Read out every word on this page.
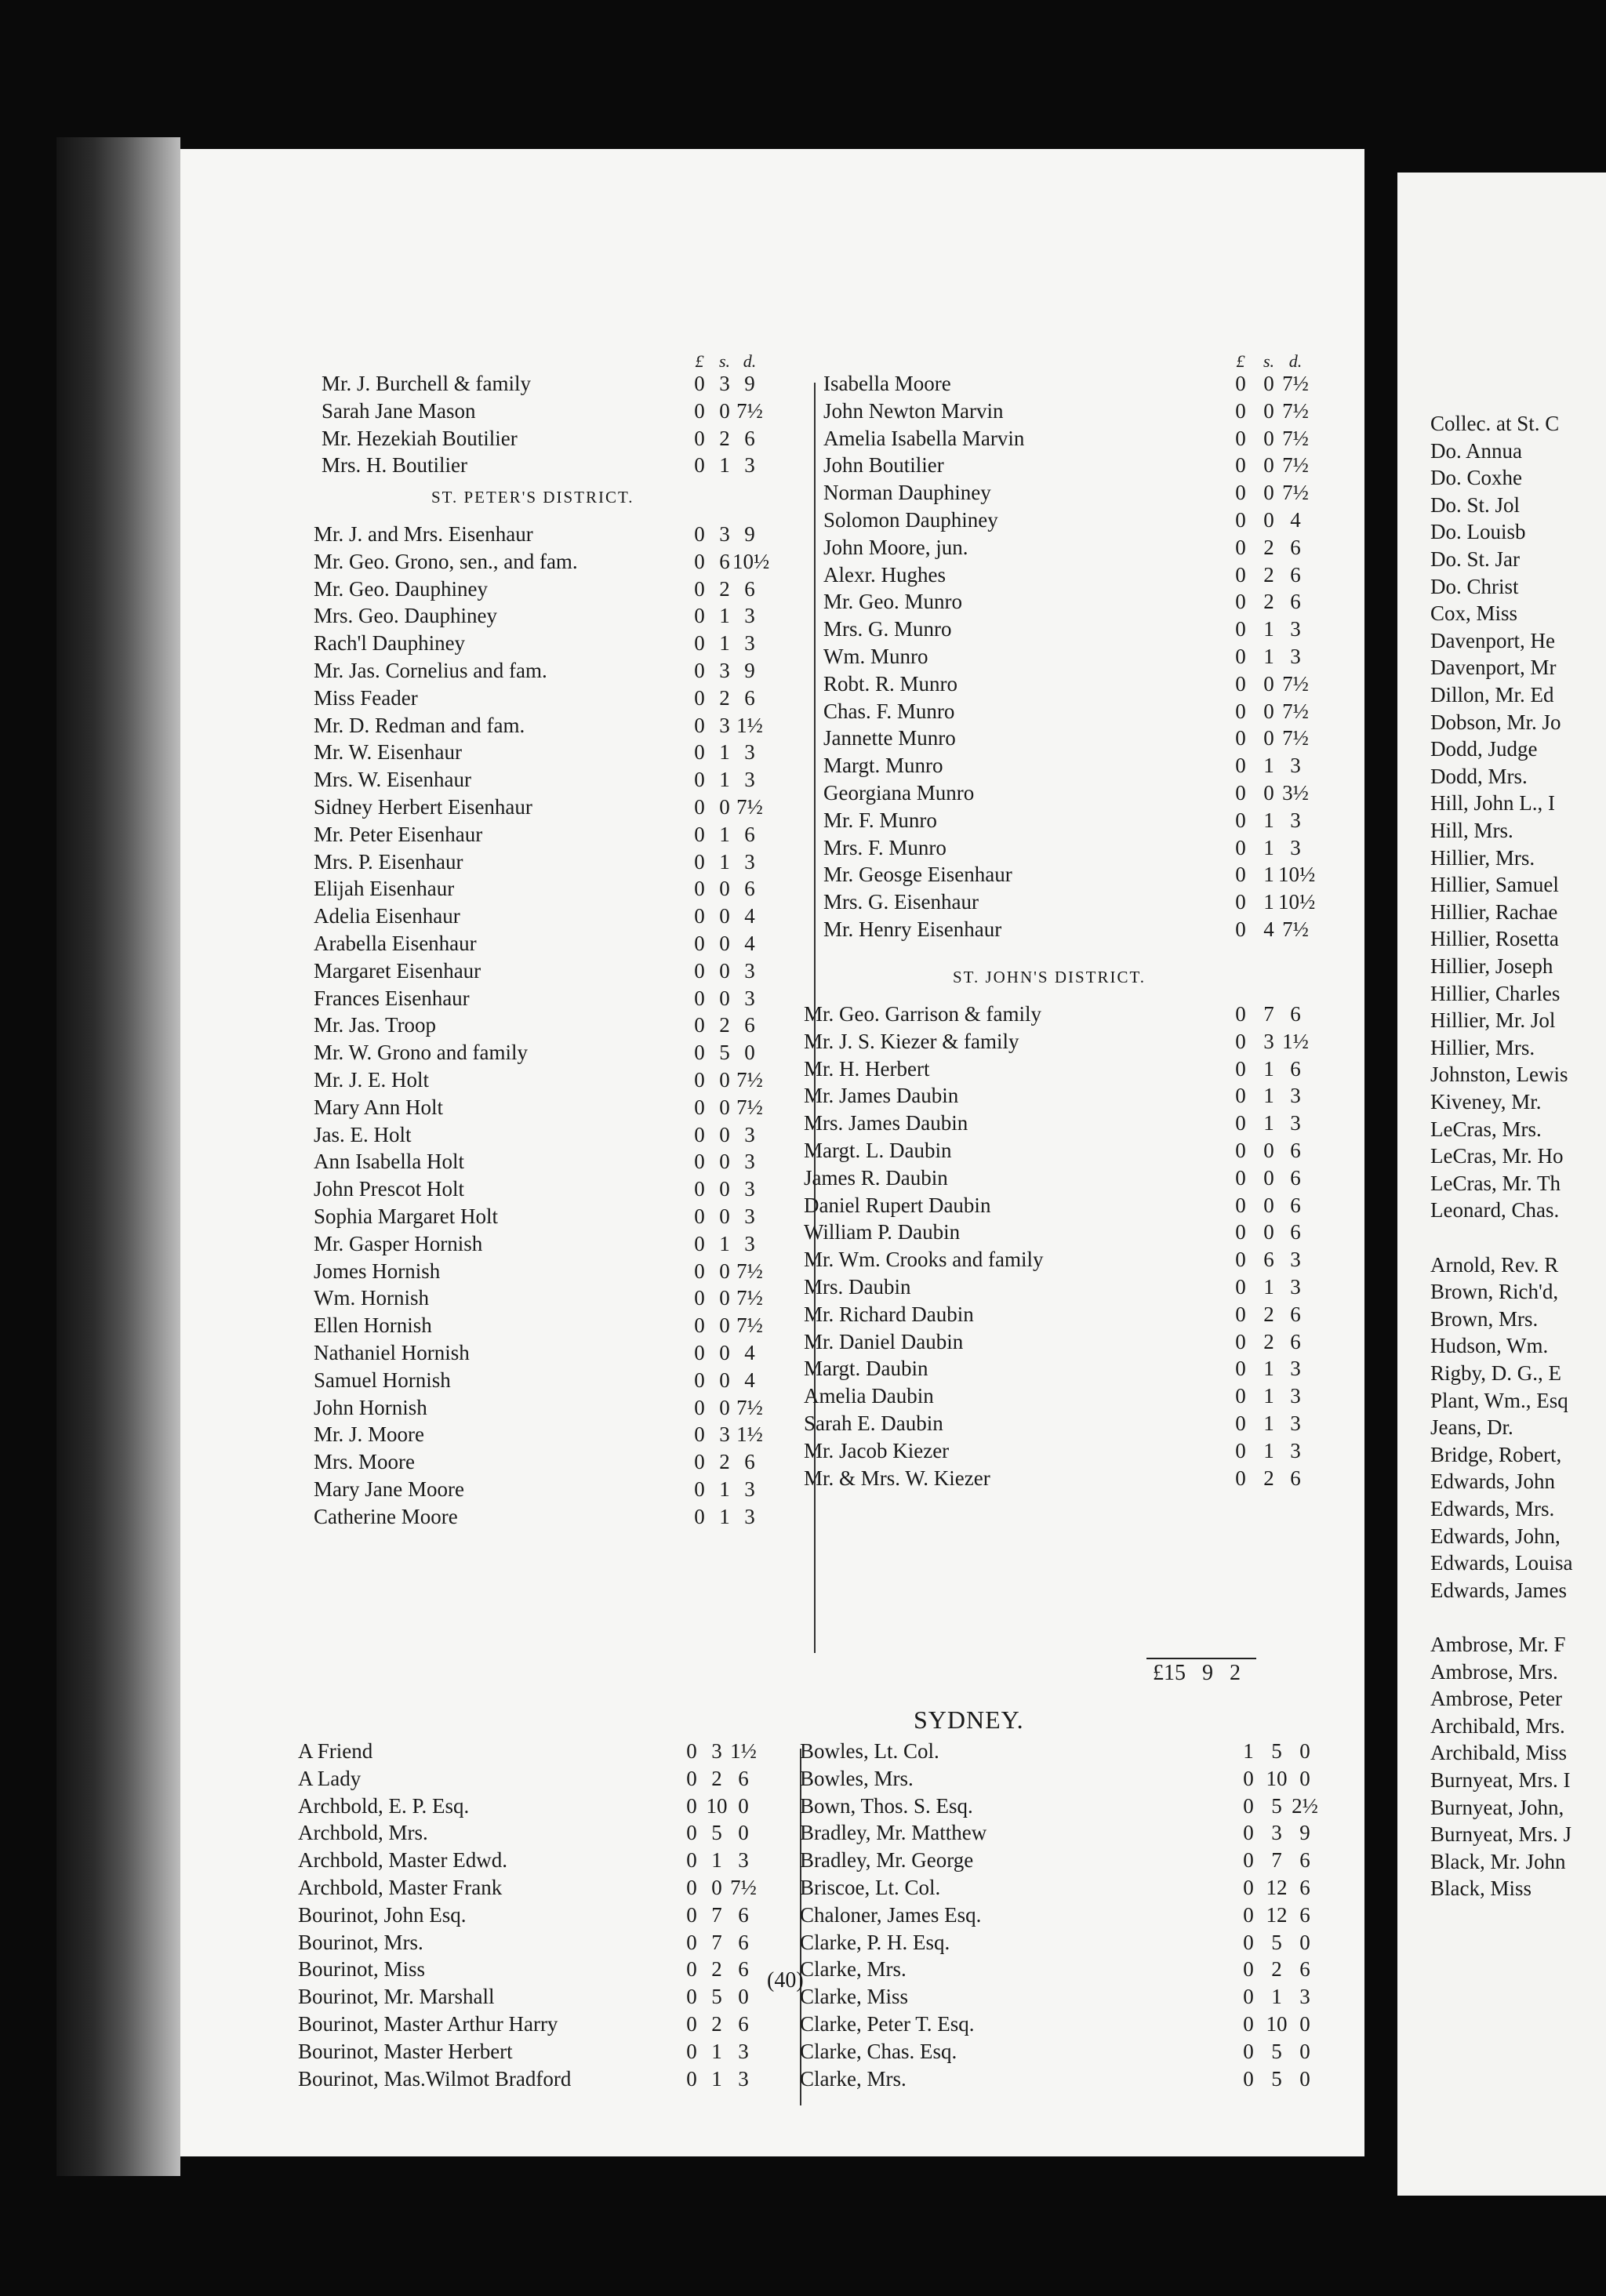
£ s. d.
Mr. J. Burchell & family	0 3 9
Sarah Jane Mason	0 0 7½
Mr. Hezekiah Boutilier	0 2 6
Mrs. H. Boutilier	0 1 3
ST. PETER'S DISTRICT.
Mr. J. and Mrs. Eisenhaur	0 3 9
Mr. Geo. Grono, sen., and fam.	0 6 10½
Mr. Geo. Dauphiney	0 2 6
Mrs. Geo. Dauphiney	0 1 3
Rach'l Dauphiney	0 1 3
Mr. Jas. Cornelius and fam.	0 3 9
Miss Feader	0 2 6
Mr. D. Redman and fam.	0 3 1½
Mr. W. Eisenhaur	0 1 3
Mrs. W. Eisenhaur	0 1 3
Sidney Herbert Eisenhaur	0 0 7½
Mr. Peter Eisenhaur	0 1 6
Mrs. P. Eisenhaur	0 1 3
Elijah Eisenhaur	0 0 6
Adelia Eisenhaur	0 0 4
Arabella Eisenhaur	0 0 4
Margaret Eisenhaur	0 0 3
Frances Eisenhaur	0 0 3
Mr. Jas. Troop	0 2 6
Mr. W. Grono and family	0 5 0
Mr. J. E. Holt	0 0 7½
Mary Ann Holt	0 0 7½
Jas. E. Holt	0 0 3
Ann Isabella Holt	0 0 3
John Prescot Holt	0 0 3
Sophia Margaret Holt	0 0 3
Mr. Gasper Hornish	0 1 3
Jomes Hornish	0 0 7½
Wm. Hornish	0 0 7½
Ellen Hornish	0 0 7½
Nathaniel Hornish	0 0 4
Samuel Hornish	0 0 4
John Hornish	0 0 7½
Mr. J. Moore	0 3 1½
Mrs. Moore	0 2 6
Mary Jane Moore	0 1 3
Catherine Moore	0 1 3
£	s. d.
Isabella Moore	0 0 7½
John Newton Marvin	0 0 7½
Amelia Isabella Marvin	0 0 7½
John Boutilier	0 0 7½
Norman Dauphiney	0 0 7½
Solomon Dauphiney	0 0 4
John Moore, jun.	0 2 6
Alexr. Hughes	0 2 6
Mr. Geo. Munro	0 2 6
Mrs. G. Munro	0 1 3
Wm. Munro	0 1 3
Robt. R. Munro	0 0 7½
Chas. F. Munro	0 0 7½
Jannette Munro	0 0 7½
Margt. Munro	0 1 3
Georgiana Munro	0 0 3½
Mr. F. Munro	0 1 3
Mrs. F. Munro	0 1 3
Mr. Geosge Eisenhaur	0 1 10½
Mrs. G. Eisenhaur	0 1 10½
Mr. Henry Eisenhaur	0 4 7½
ST. JOHN'S DISTRICT.
Mr. Geo. Garrison & family	0 7 6
Mr. J. S. Kiezer & family	0 3 1½
Mr. H. Herbert	0 1 6
Mr. James Daubin	0 1 3
Mrs. James Daubin	0 1 3
Margt. L. Daubin	0 0 6
James R. Daubin	0 0 6
Daniel Rupert Daubin	0 0 6
William P. Daubin	0 0 6
Mr. Wm. Crooks and family	0 6 3
Mrs. Daubin	0 1 3
Mr. Richard Daubin	0 2 6
Mr. Daniel Daubin	0 2 6
Margt. Daubin	0 1 3
Amelia Daubin	0 1 3
Sarah E. Daubin	0 1 3
Mr. Jacob Kiezer	0 1 3
Mr. & Mrs. W. Kiezer	0 2 6
£15 9 2
SYDNEY.
A Friend	0 3 1½
A Lady	0 2 6
Archbold, E. P. Esq.	0 10 0
Archbold, Mrs.	0 5 0
Archbold, Master Edwd.	0 1 3
Archbold, Master Frank	0 0 7½
Bourinot, John Esq.	0 7 6
Bourinot, Mrs.	0 7 6
Bourinot, Miss	0 2 6
Bourinot, Mr. Marshall	0 5 0
Bourinot, Master Arthur Harry	0 2 6
Bourinot, Master Herbert	0 1 3
Bourinot, Mas.Wilmot Bradford	0 1 3
Bowles, Lt. Col.	1 5 0
Bowles, Mrs.	0 10 0
Bown, Thos. S. Esq.	0 5 2½
Bradley, Mr. Matthew	0 3 9
Bradley, Mr. George	0 7 6
Briscoe, Lt. Col.	0 12 6
Chaloner, James Esq.	0 12 6
Clarke, P. H. Esq.	0 5 0
Clarke, Mrs.	0 2 6
Clarke, Miss	0 1 3
Clarke, Peter T. Esq.	0 10 0
Clarke, Chas. Esq.	0 5 0
Clarke, Mrs.	0 5 0
(40)
Collec. at St. C
Do. Annua
Do. Coxhe
Do. St. Jol
Do. Louisb
Do. St. Jar
Do. Christ
Cox, Miss
Davenport, He
Davenport, Mr
Dillon, Mr. Ed
Dobson, Mr. Jo
Dodd, Judge
Dodd, Mrs.
Hill, John L., I
Hill, Mrs.
Hillier, Mrs.
Hillier, Samuel
Hillier, Rachae
Hillier, Rosetta
Hillier, Joseph
Hillier, Charles
Hillier, Mr. Jol
Hillier, Mrs.
Johnston, Lewis
Kiveney, Mr.
LeCras, Mrs.
LeCras, Mr. Ho
LeCras, Mr. Th
Leonard, Chas.
Arnold, Rev. R
Brown, Rich'd,
Brown, Mrs.
Hudson, Wm.
Rigby, D. G., E
Plant, Wm., Esq
Jeans, Dr.
Bridge, Robert,
Edwards, John
Edwards, Mrs.
Edwards, John,
Edwards, Louisa
Edwards, James
Ambrose, Mr. F
Ambrose, Mrs.
Ambrose, Peter
Archibald, Mrs.
Archibald, Miss
Burnyeat, Mrs. I
Burnyeat, John,
Burnyeat, Mrs. J
Black, Mr. John
Black, Miss
